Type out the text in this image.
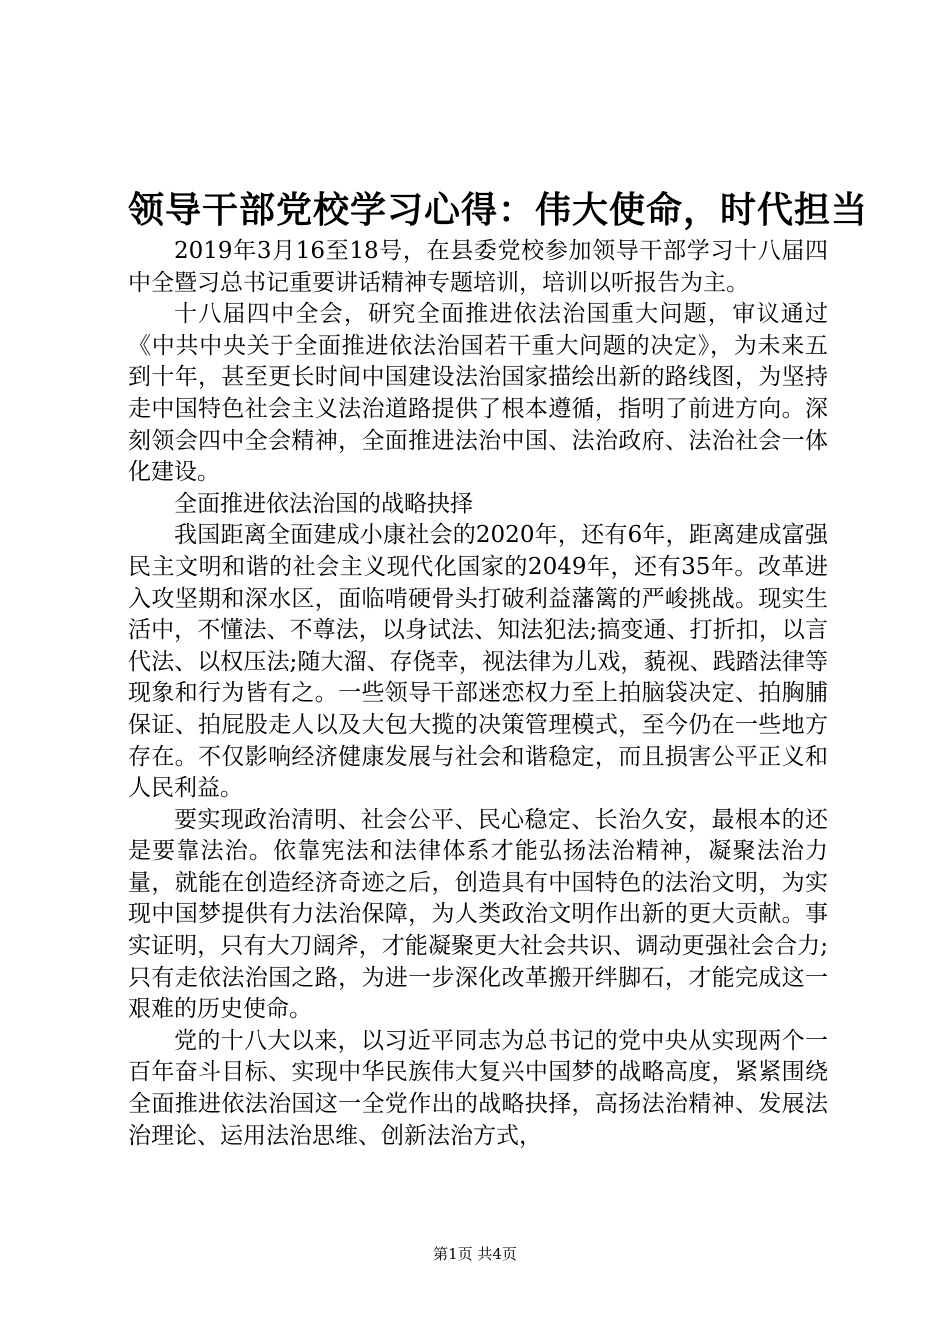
领导干部党校学习心得：伟大使命，时代担当

2019年3月16至18号，在县委党校参加领导干部学习十八届四中全暨习总书记重要讲话精神专题培训，培训以听报告为主。

十八届四中全会，研究全面推进依法治国重大问题，审议通过《中共中央关于全面推进依法治国若干重大问题的决定》，为未来五到十年，甚至更长时间中国建设法治国家描绘出新的路线图，为坚持走中国特色社会主义法治道路提供了根本遵循，指明了前进方向。深刻领会四中全会精神，全面推进法治中国、法治政府、法治社会一体化建设。

全面推进依法治国的战略抉择

我国距离全面建成小康社会的2020年，还有6年，距离建成富强民主文明和谐的社会主义现代化国家的2049年，还有35年。改革进入攻坚期和深水区，面临啃硬骨头打破利益藩篱的严峻挑战。现实生活中，不懂法、不尊法，以身试法、知法犯法;搞变通、打折扣，以言代法、以权压法;随大溜、存侥幸，视法律为儿戏，藐视、践踏法律等现象和行为皆有之。一些领导干部迷恋权力至上拍脑袋决定、拍胸脯保证、拍屁股走人以及大包大揽的决策管理模式，至今仍在一些地方存在。不仅影响经济健康发展与社会和谐稳定，而且损害公平正义和人民利益。

要实现政治清明、社会公平、民心稳定、长治久安，最根本的还是要靠法治。依靠宪法和法律体系才能弘扬法治精神，凝聚法治力量，就能在创造经济奇迹之后，创造具有中国特色的法治文明，为实现中国梦提供有力法治保障，为人类政治文明作出新的更大贡献。事实证明，只有大刀阔斧，才能凝聚更大社会共识、调动更强社会合力;只有走依法治国之路，为进一步深化改革搬开绊脚石，才能完成这一艰难的历史使命。

党的十八大以来，以习近平同志为总书记的党中央从实现两个一百年奋斗目标、实现中华民族伟大复兴中国梦的战略高度，紧紧围绕全面推进依法治国这一全党作出的战略抉择，高扬法治精神、发展法治理论、运用法治思维、创新法治方式，

第1页 共4页
